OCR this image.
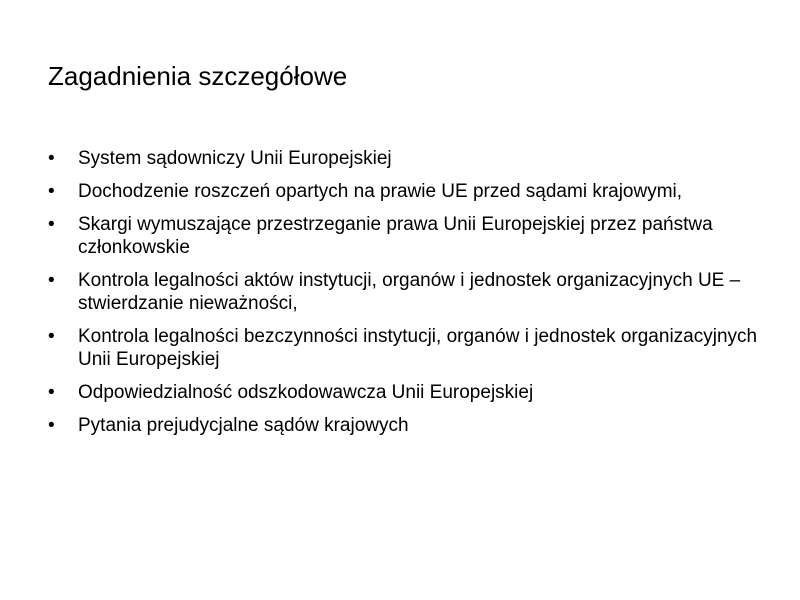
Zagadnienia szczegółowe
• System sądowniczy Unii Europejskiej
• Dochodzenie roszczeń opartych na prawie UE przed sądami krajowymi,
• Skargi wymuszające przestrzeganie prawa Unii Europejskiej przez państwa członkowskie
• Kontrola legalności aktów instytucji, organów i jednostek organizacyjnych UE – stwierdzanie nieważności,
• Kontrola legalności bezczynności instytucji, organów i jednostek organizacyjnych Unii Europejskiej
• Odpowiedzialność odszkodowawcza Unii Europejskiej
• Pytania prejudycjalne sądów krajowych
